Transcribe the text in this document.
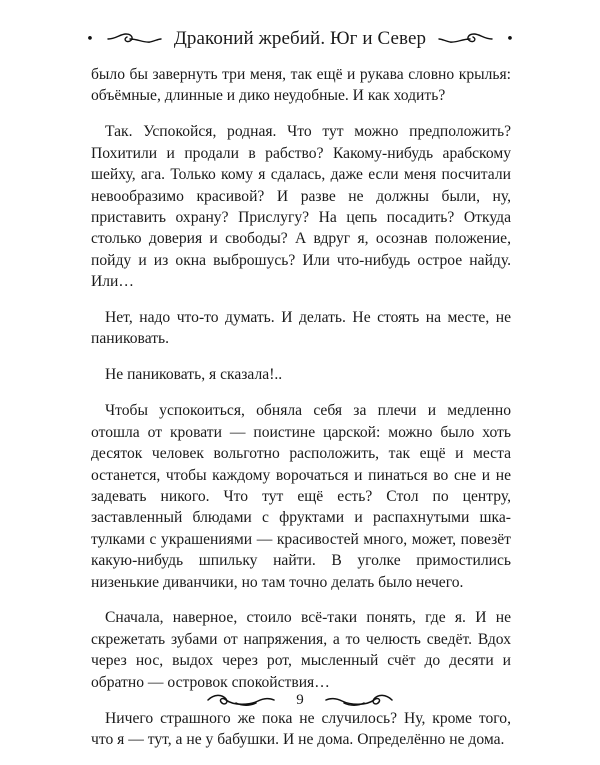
•	Драконий жребий. Юг и Север	•

было бы завернуть три меня, так ещё и рукава словно крылья: объёмные, длинные и дико неудобные. И как ходить?

Так. Успокойся, родная. Что тут можно предположить? Похитили и продали в рабство? Какому-нибудь арабскому шейху, ага. Только кому я сдалась, даже если меня посчитали невообразимо красивой? И разве не должны были, ну, приставить охрану? Прислугу? На цепь посадить? Откуда столько доверия и свободы? А вдруг я, осознав положение, пойду и из окна выброшусь? Или что-нибудь острое найду. Или…

Нет, надо что-то думать. И делать. Не стоять на месте, не паниковать.

Не паниковать, я сказала!..

Чтобы успокоиться, обняла себя за плечи и медленно отошла от кровати — поистине царской: можно было хоть десяток человек вольготно расположить, так ещё и места останется, чтобы каждому ворочаться и пинаться во сне и не задевать никого. Что тут ещё есть? Стол по центру, заставленный блюдами с фруктами и распахнутыми шкатулками с украшениями — красивостей много, может, повезёт какую-нибудь шпильку найти. В уголке примостились низенькие диванчики, но там точно делать было нечего.

Сначала, наверное, стоило всё-таки понять, где я. И не скрежетать зубами от напряжения, а то челюсть сведёт. Вдох через нос, выдох через рот, мысленный счёт до десяти и обратно — островок спокойствия…

Ничего страшного же пока не случилось? Ну, кроме того, что я — тут, а не у бабушки. И не дома. Определённо не дома.

9
